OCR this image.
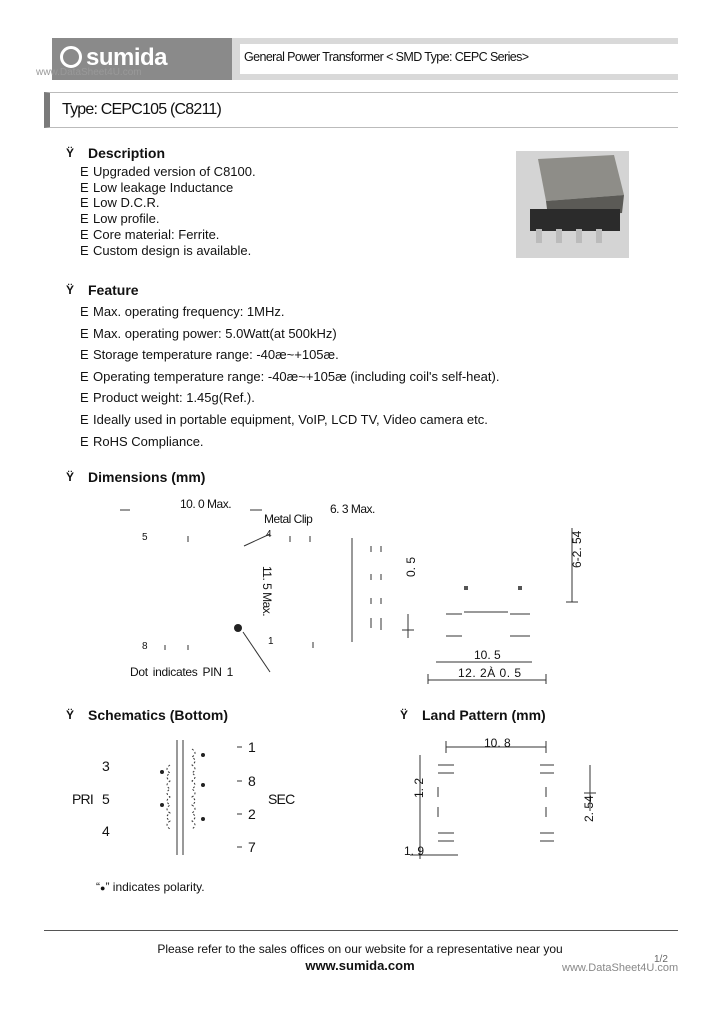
sumida	General Power Transformer < SMD Type: CEPC Series>
www.DataSheet4U.com
Type: CEPC105 (C8211)
Ÿ Description
E Upgraded version of C8100.
E Low leakage Inductance
E Low D.C.R.
E Low profile.
E Core material: Ferrite.
E Custom design is available.
Ÿ Feature
E Max. operating frequency: 1MHz.
E Max. operating power: 5.0Watt(at 500kHz)
E Storage temperature range: -40æ~+105æ.
E Operating temperature range: -40æ~+105æ (including coil's self-heat).
E Product weight: 1.45g(Ref.).
E Ideally used in portable equipment, VoIP, LCD TV, Video camera etc.
E RoHS Compliance.
Ÿ Dimensions (mm)
10. 0 Max.	6. 3 Max.
Metal Clip
4
5
8	1
11. 5 Max.	0. 5	6-2. 54
10. 5
12. 2À 0. 5
Dot indicates PIN 1
Ÿ Schematics (Bottom)
3
PRI 5
4
1
8
SEC
2
7
“●” indicates polarity.
Ÿ Land Pattern (mm)
10. 8
1. 2
2. 54
1. 9
Please refer to the sales offices on our website for a representative near you
www.sumida.com	www.DataSheet4U.com
1/2
